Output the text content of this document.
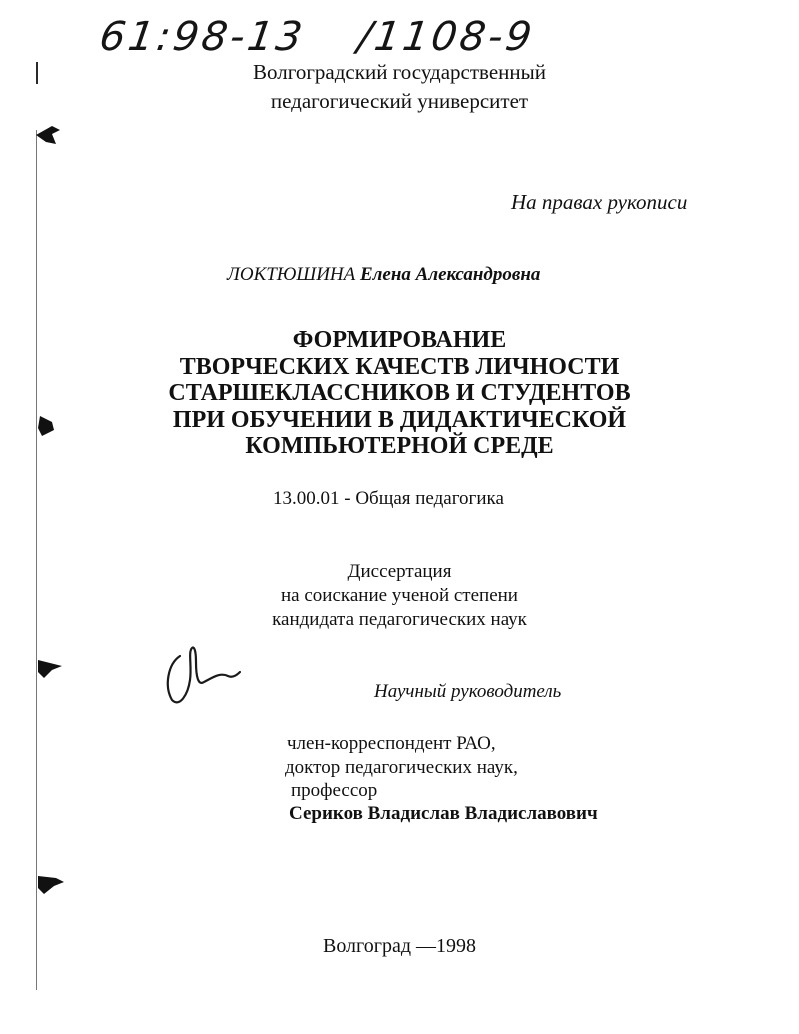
61:98-13 /1108-9
Волгоградский государственный
педагогический университет
На правах рукописи
ЛОКТЮШИНА Елена Александровна
ФОРМИРОВАНИЕ
ТВОРЧЕСКИХ КАЧЕСТВ ЛИЧНОСТИ
СТАРШЕКЛАССНИКОВ И СТУДЕНТОВ
ПРИ ОБУЧЕНИИ В ДИДАКТИЧЕСКОЙ
КОМПЬЮТЕРНОЙ СРЕДЕ
13.00.01 - Общая педагогика
Диссертация
на соискание ученой степени
кандидата педагогических наук
Научный руководитель
член-корреспондент РАО,
доктор педагогических наук,
профессор
Сериков Владислав Владиславович
Волгоград —1998
